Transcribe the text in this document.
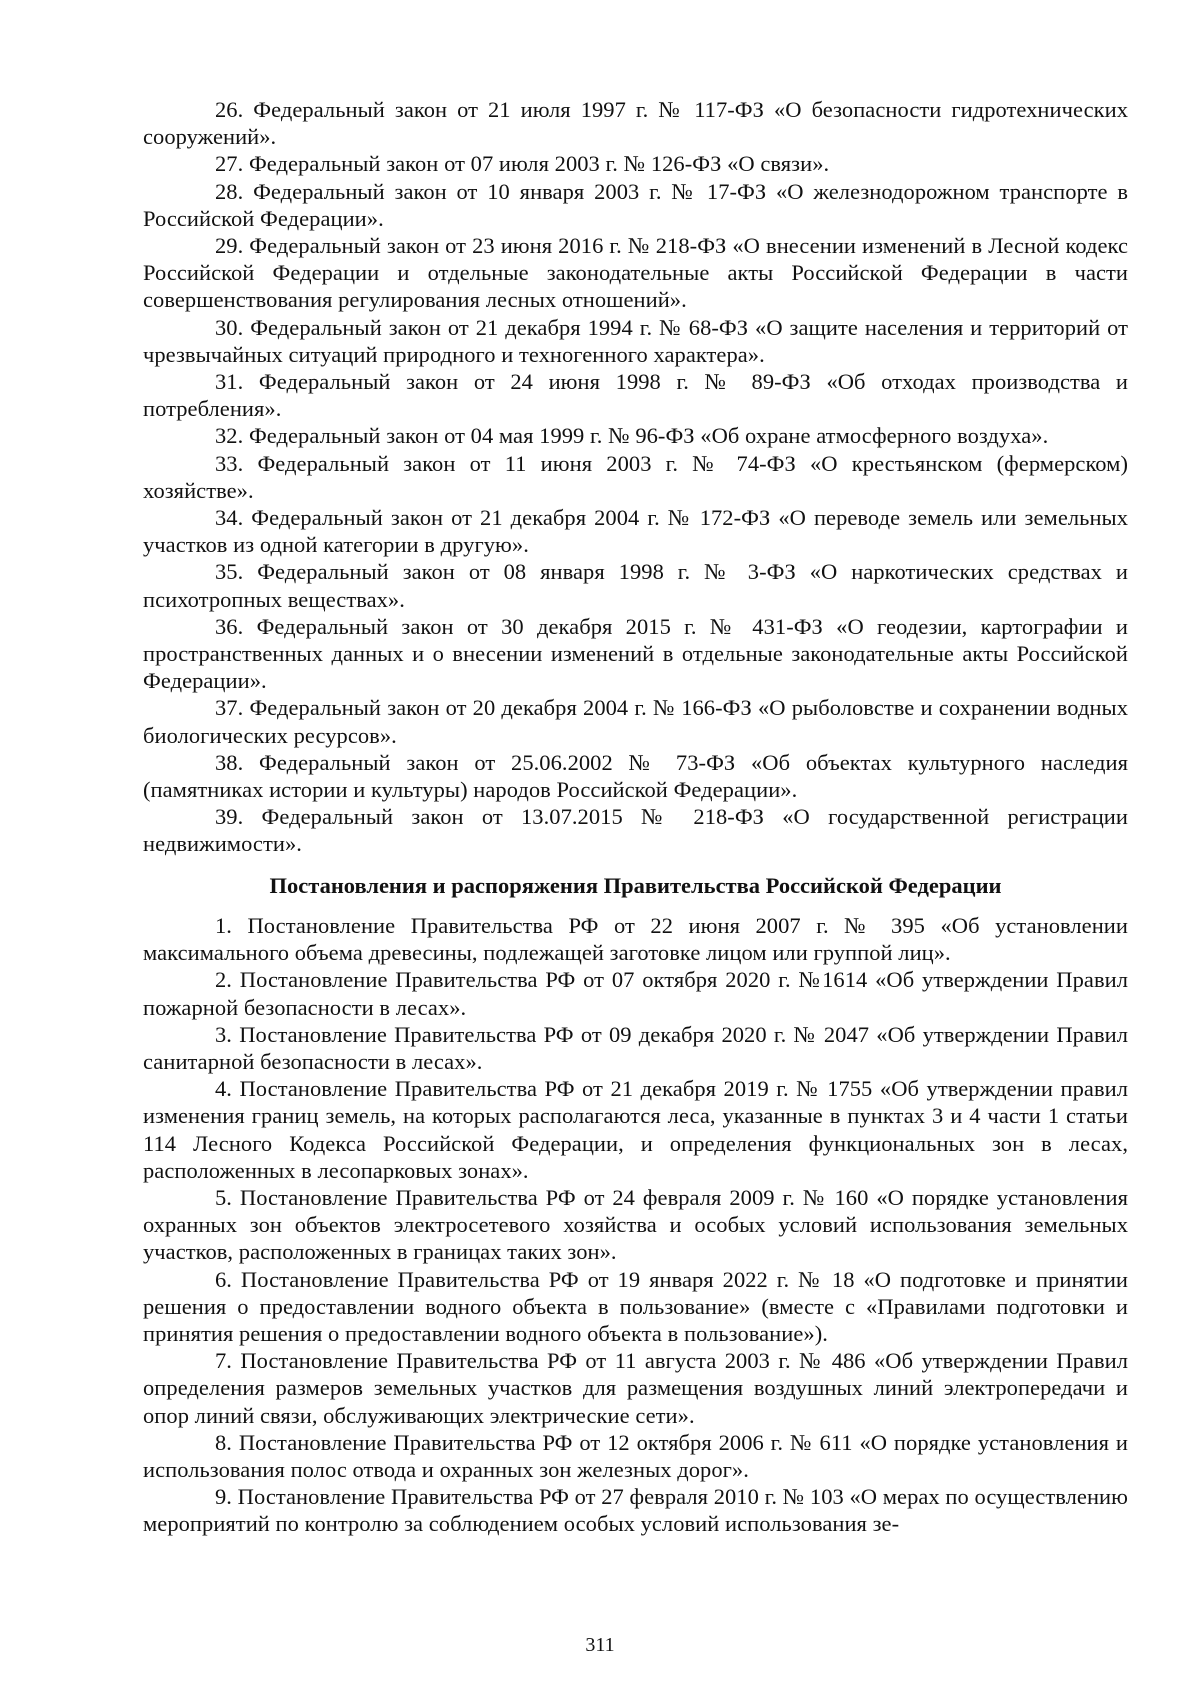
26. Федеральный закон от 21 июля 1997 г. № 117-ФЗ «О безопасности гидротехнических сооружений».

27. Федеральный закон от 07 июля 2003 г. № 126-ФЗ «О связи».

28. Федеральный закон от 10 января 2003 г. № 17-ФЗ «О железнодорожном транспорте в Российской Федерации».

29. Федеральный закон от 23 июня 2016 г. № 218-ФЗ «О внесении изменений в Лесной кодекс Российской Федерации и отдельные законодательные акты Российской Федерации в части совершенствования регулирования лесных отношений».

30. Федеральный закон от 21 декабря 1994 г. № 68-ФЗ «О защите населения и территорий от чрезвычайных ситуаций природного и техногенного характера».

31. Федеральный закон от 24 июня 1998 г. № 89-ФЗ «Об отходах производства и потребления».

32. Федеральный закон от 04 мая 1999 г. № 96-ФЗ «Об охране атмосферного воздуха».

33. Федеральный закон от 11 июня 2003 г. № 74-ФЗ «О крестьянском (фермерском) хозяйстве».

34. Федеральный закон от 21 декабря 2004 г. № 172-ФЗ «О переводе земель или земельных участков из одной категории в другую».

35. Федеральный закон от 08 января 1998 г. № 3-ФЗ «О наркотических средствах и психотропных веществах».

36. Федеральный закон от 30 декабря 2015 г. № 431-ФЗ «О геодезии, картографии и пространственных данных и о внесении изменений в отдельные законодательные акты Российской Федерации».

37. Федеральный закон от 20 декабря 2004 г. № 166-ФЗ «О рыболовстве и сохранении водных биологических ресурсов».

38. Федеральный закон от 25.06.2002 № 73-ФЗ «Об объектах культурного наследия (памятниках истории и культуры) народов Российской Федерации».

39. Федеральный закон от 13.07.2015 № 218-ФЗ «О государственной регистрации недвижимости».

Постановления и распоряжения Правительства Российской Федерации

1. Постановление Правительства РФ от 22 июня 2007 г. № 395 «Об установлении максимального объема древесины, подлежащей заготовке лицом или группой лиц».

2. Постановление Правительства РФ от 07 октября 2020 г. №1614 «Об утверждении Правил пожарной безопасности в лесах».

3. Постановление Правительства РФ от 09 декабря 2020 г. № 2047 «Об утверждении Правил санитарной безопасности в лесах».

4. Постановление Правительства РФ от 21 декабря 2019 г. № 1755 «Об утверждении правил изменения границ земель, на которых располагаются леса, указанные в пунктах 3 и 4 части 1 статьи 114 Лесного Кодекса Российской Федерации, и определения функциональных зон в лесах, расположенных в лесопарковых зонах».

5. Постановление Правительства РФ от 24 февраля 2009 г. № 160 «О порядке установления охранных зон объектов электросетевого хозяйства и особых условий использования земельных участков, расположенных в границах таких зон».

6. Постановление Правительства РФ от 19 января 2022 г. № 18 «О подготовке и принятии решения о предоставлении водного объекта в пользование» (вместе с «Правилами подготовки и принятия решения о предоставлении водного объекта в пользование»).

7. Постановление Правительства РФ от 11 августа 2003 г. № 486 «Об утверждении Правил определения размеров земельных участков для размещения воздушных линий электропередачи и опор линий связи, обслуживающих электрические сети».

8. Постановление Правительства РФ от 12 октября 2006 г. № 611 «О порядке установления и использования полос отвода и охранных зон железных дорог».

9. Постановление Правительства РФ от 27 февраля 2010 г. № 103 «О мерах по осуществлению мероприятий по контролю за соблюдением особых условий использования зе-

311
